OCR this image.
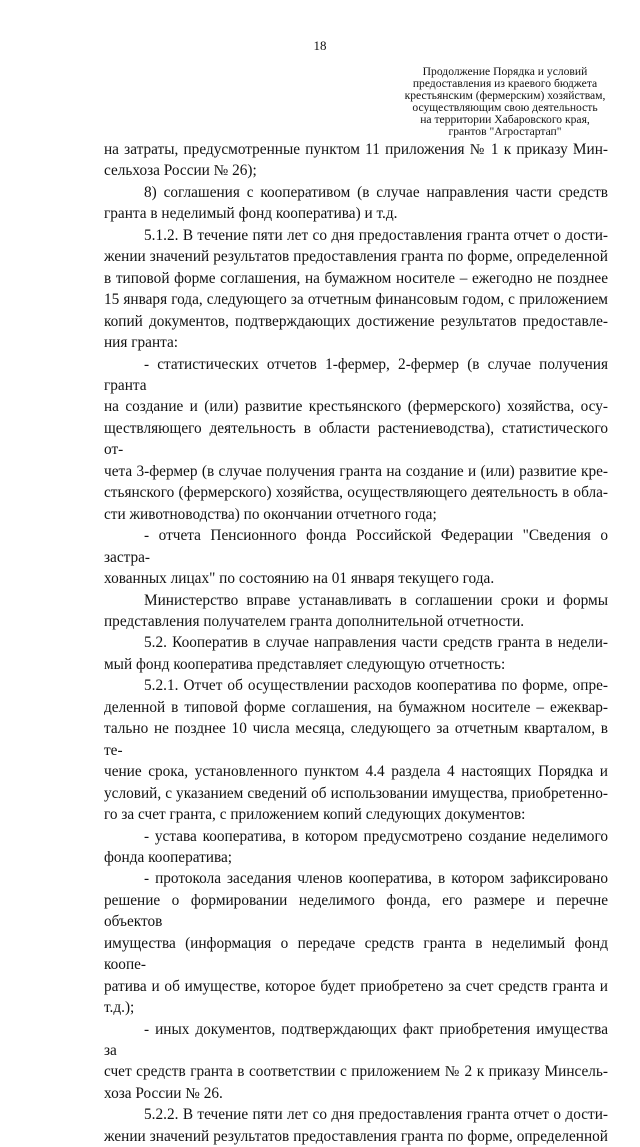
18
Продолжение Порядка и условий
предоставления из краевого бюджета
крестьянским (фермерским) хозяйствам,
осуществляющим свою деятельность
на территории Хабаровского края,
грантов "Агростартап"
на затраты, предусмотренные пунктом 11 приложения № 1 к приказу Мин-
сельхоза России № 26);
8) соглашения с кооперативом (в случае направления части средств
гранта в неделимый фонд кооператива) и т.д.
5.1.2. В течение пяти лет со дня предоставления гранта отчет о дости-
жении значений результатов предоставления гранта по форме, определенной
в типовой форме соглашения, на бумажном носителе – ежегодно не позднее
15 января года, следующего за отчетным финансовым годом, с приложением
копий документов, подтверждающих достижение результатов предоставле-
ния гранта:
- статистических отчетов 1-фермер, 2-фермер (в случае получения гранта
на создание и (или) развитие крестьянского (фермерского) хозяйства, осу-
ществляющего деятельность в области растениеводства), статистического от-
чета 3-фермер (в случае получения гранта на создание и (или) развитие кре-
стьянского (фермерского) хозяйства, осуществляющего деятельность в обла-
сти животноводства) по окончании отчетного года;
- отчета Пенсионного фонда Российской Федерации "Сведения о застра-
хованных лицах" по состоянию на 01 января текущего года.
Министерство вправе устанавливать в соглашении сроки и формы
представления получателем гранта дополнительной отчетности.
5.2. Кооператив в случае направления части средств гранта в недели-
мый фонд кооператива представляет следующую отчетность:
5.2.1. Отчет об осуществлении расходов кооператива по форме, опре-
деленной в типовой форме соглашения, на бумажном носителе – ежеквар-
тально не позднее 10 числа месяца, следующего за отчетным кварталом, в те-
чение срока, установленного пунктом 4.4 раздела 4 настоящих Порядка и
условий, с указанием сведений об использовании имущества, приобретенно-
го за счет гранта, с приложением копий следующих документов:
- устава кооператива, в котором предусмотрено создание неделимого
фонда кооператива;
- протокола заседания членов кооператива, в котором зафиксировано
решение о формировании неделимого фонда, его размере и перечне объектов
имущества (информация о передаче средств гранта в неделимый фонд коопе-
ратива и об имуществе, которое будет приобретено за счет средств гранта и
т.д.);
- иных документов, подтверждающих факт приобретения имущества за
счет средств гранта в соответствии с приложением № 2 к приказу Минсель-
хоза России № 26.
5.2.2. В течение пяти лет со дня предоставления гранта отчет о дости-
жении значений результатов предоставления гранта по форме, определенной
